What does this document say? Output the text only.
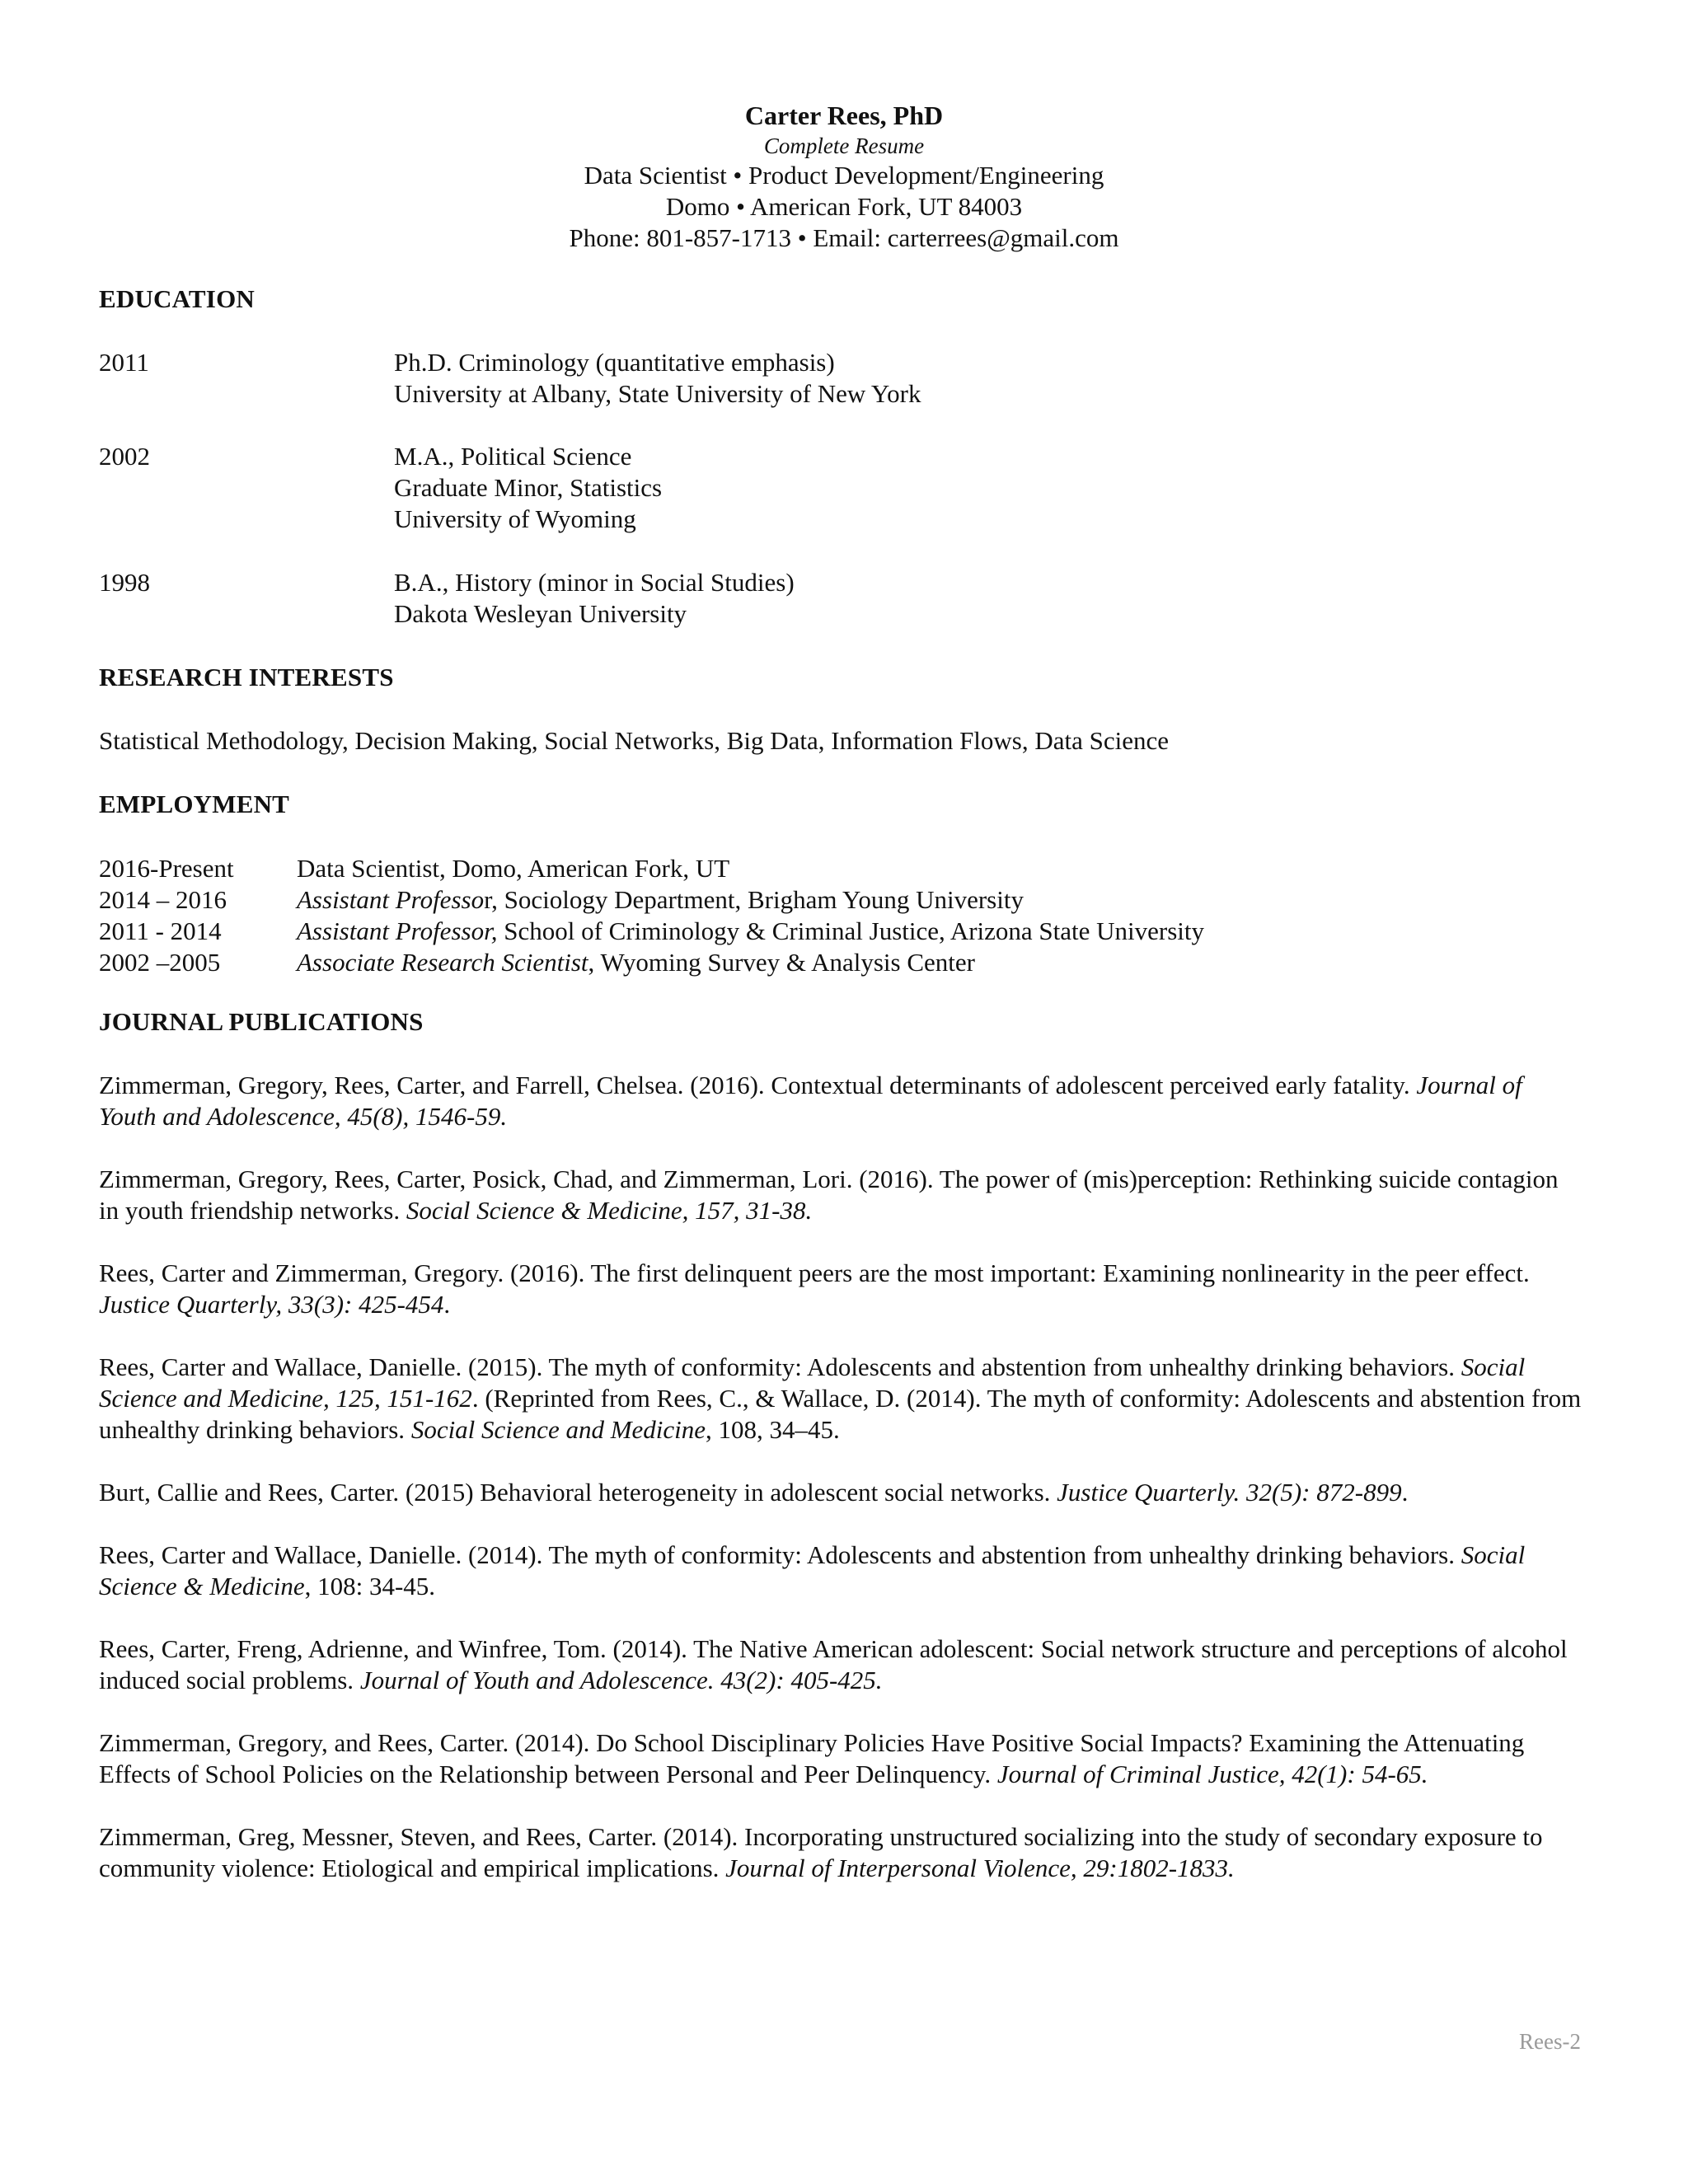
Carter Rees, PhD
Complete Resume
Data Scientist • Product Development/Engineering
Domo • American Fork, UT 84003
Phone: 801-857-1713 • Email: carterrees@gmail.com
EDUCATION
2011	Ph.D. Criminology (quantitative emphasis)
University at Albany, State University of New York
2002	M.A., Political Science
Graduate Minor, Statistics
University of Wyoming
1998	B.A., History (minor in Social Studies)
Dakota Wesleyan University
RESEARCH INTERESTS
Statistical Methodology, Decision Making, Social Networks, Big Data, Information Flows, Data Science
EMPLOYMENT
2016-Present Data Scientist, Domo, American Fork, UT
2014 – 2016	Assistant Professor, Sociology Department, Brigham Young University
2011 - 2014	Assistant Professor, School of Criminology & Criminal Justice, Arizona State University
2002 –2005	Associate Research Scientist, Wyoming Survey & Analysis Center
JOURNAL PUBLICATIONS
Zimmerman, Gregory, Rees, Carter, and Farrell, Chelsea. (2016). Contextual determinants of adolescent perceived early fatality. Journal of Youth and Adolescence, 45(8), 1546-59.
Zimmerman, Gregory, Rees, Carter, Posick, Chad, and Zimmerman, Lori. (2016). The power of (mis)perception: Rethinking suicide contagion in youth friendship networks. Social Science & Medicine, 157, 31-38.
Rees, Carter and Zimmerman, Gregory. (2016). The first delinquent peers are the most important: Examining nonlinearity in the peer effect. Justice Quarterly, 33(3): 425-454.
Rees, Carter and Wallace, Danielle. (2015). The myth of conformity: Adolescents and abstention from unhealthy drinking behaviors. Social Science and Medicine, 125, 151-162. (Reprinted from Rees, C., & Wallace, D. (2014). The myth of conformity: Adolescents and abstention from unhealthy drinking behaviors. Social Science and Medicine, 108, 34–45.
Burt, Callie and Rees, Carter. (2015) Behavioral heterogeneity in adolescent social networks. Justice Quarterly. 32(5): 872-899.
Rees, Carter and Wallace, Danielle. (2014). The myth of conformity: Adolescents and abstention from unhealthy drinking behaviors. Social Science & Medicine, 108: 34-45.
Rees, Carter, Freng, Adrienne, and Winfree, Tom. (2014). The Native American adolescent: Social network structure and perceptions of alcohol induced social problems. Journal of Youth and Adolescence. 43(2): 405-425.
Zimmerman, Gregory, and Rees, Carter. (2014). Do School Disciplinary Policies Have Positive Social Impacts? Examining the Attenuating Effects of School Policies on the Relationship between Personal and Peer Delinquency. Journal of Criminal Justice, 42(1): 54-65.
Zimmerman, Greg, Messner, Steven, and Rees, Carter. (2014). Incorporating unstructured socializing into the study of secondary exposure to community violence: Etiological and empirical implications. Journal of Interpersonal Violence, 29:1802-1833.
Rees-2
